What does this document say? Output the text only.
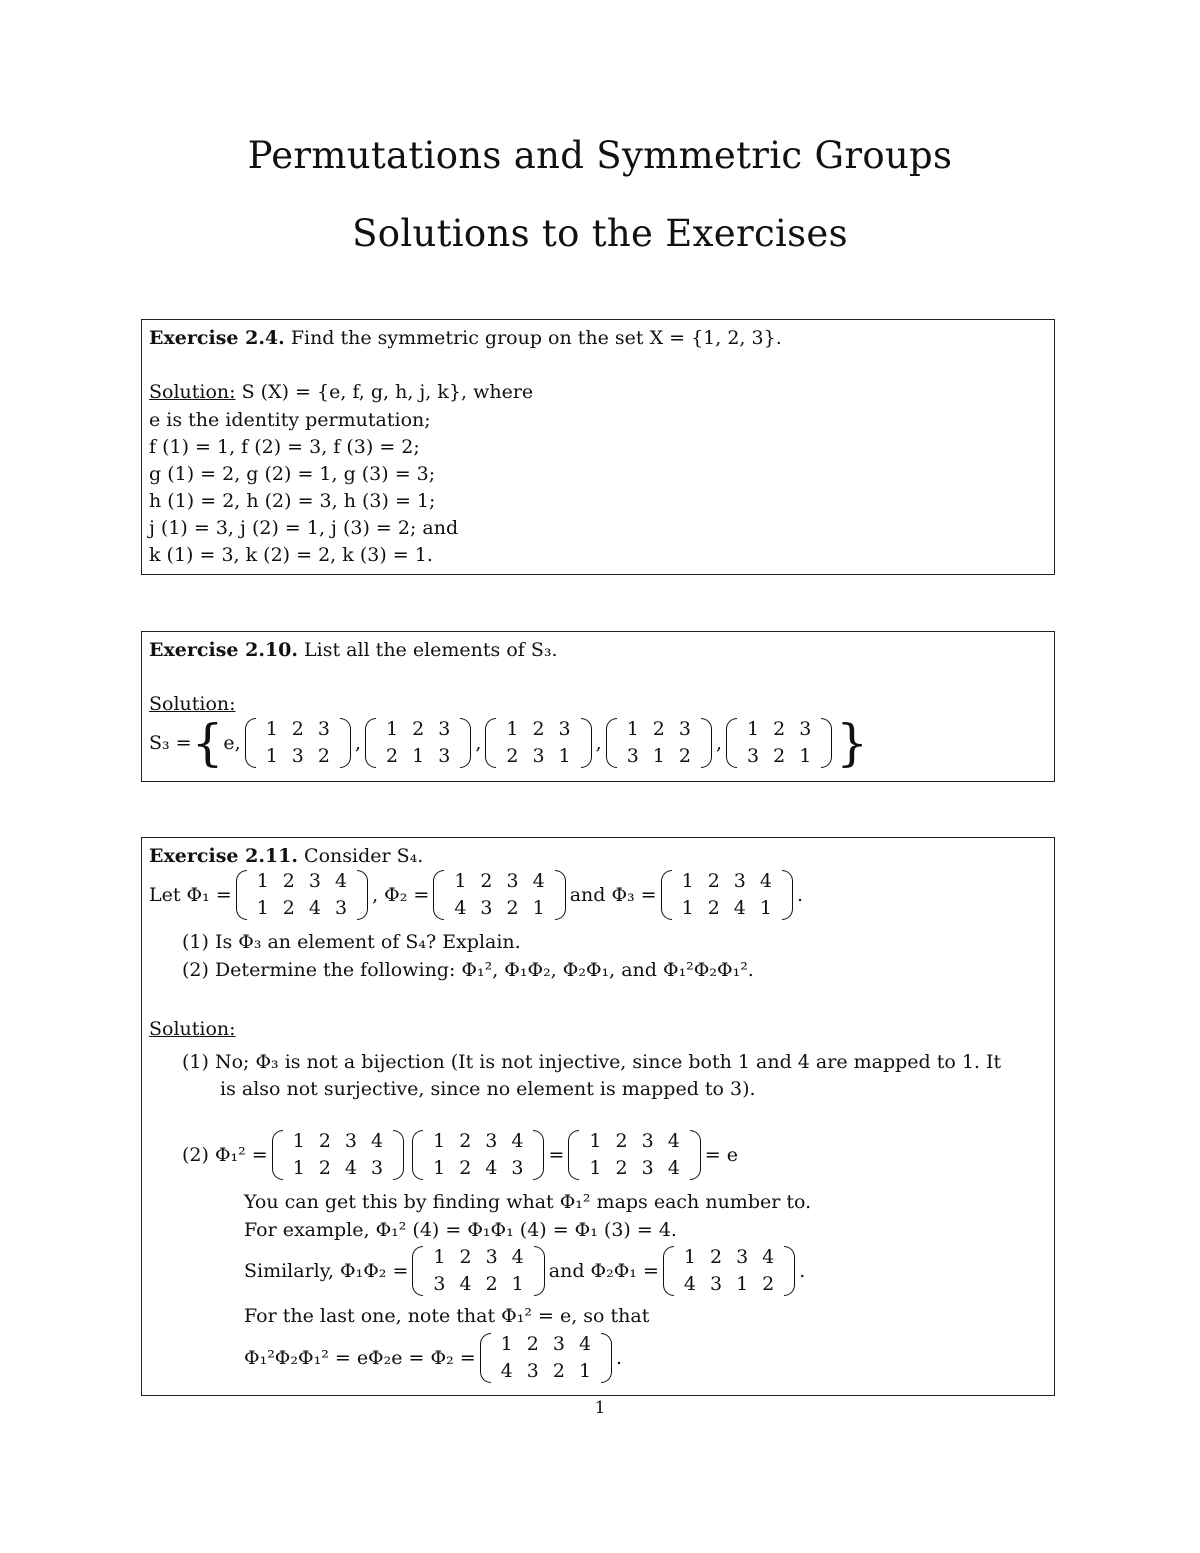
Permutations and Symmetric Groups
Solutions to the Exercises
Exercise 2.4. Find the symmetric group on the set X = {1, 2, 3}.
Solution: S (X) = {e, f, g, h, j, k}, where
e is the identity permutation;
f (1) = 1, f (2) = 3, f (3) = 2;
g (1) = 2, g (2) = 1, g (3) = 3;
h (1) = 2, h (2) = 3, h (3) = 1;
j (1) = 3, j (2) = 1, j (3) = 2; and
k (1) = 3, k (2) = 2, k (3) = 1.
Exercise 2.10. List all the elements of S₃.
Solution:
S₃ = { e,
1	2	3
1	3	2
,
1	2	3
2	1	3
,
1	2	3
2	3	1
,
1	2	3
3	1	2
,
1	2	3
3	2	1 }
Exercise 2.11. Consider S₄.
Let Φ₁ =
1	2	3	4
1	2	4	3
, Φ₂ =
1	2	3	4
4	3	2	1
and Φ₃ =
1	2	3	4
1	2	4	1
.
(1) Is Φ₃ an element of S₄? Explain.
(2) Determine the following: Φ₁², Φ₁Φ₂, Φ₂Φ₁, and Φ₁²Φ₂Φ₁².
Solution:
(1) No; Φ₃ is not a bijection (It is not injective, since both 1 and 4 are mapped to 1. It
is also not surjective, since no element is mapped to 3).
(2) Φ₁² =
1	2	3	4
1	2	4	3
1	2	3	4
1	2	4	3
=
1	2	3	4
1	2	3	4
= e
You can get this by finding what Φ₁² maps each number to.
For example, Φ₁² (4) = Φ₁Φ₁ (4) = Φ₁ (3) = 4.
Similarly, Φ₁Φ₂ =
1	2	3	4
3	4	2	1
and Φ₂Φ₁ =
1	2	3	4
4	3	1	2
.
For the last one, note that Φ₁² = e, so that
Φ₁²Φ₂Φ₁² = eΦ₂e = Φ₂ =
1	2	3	4
4	3	2	1
.
1
